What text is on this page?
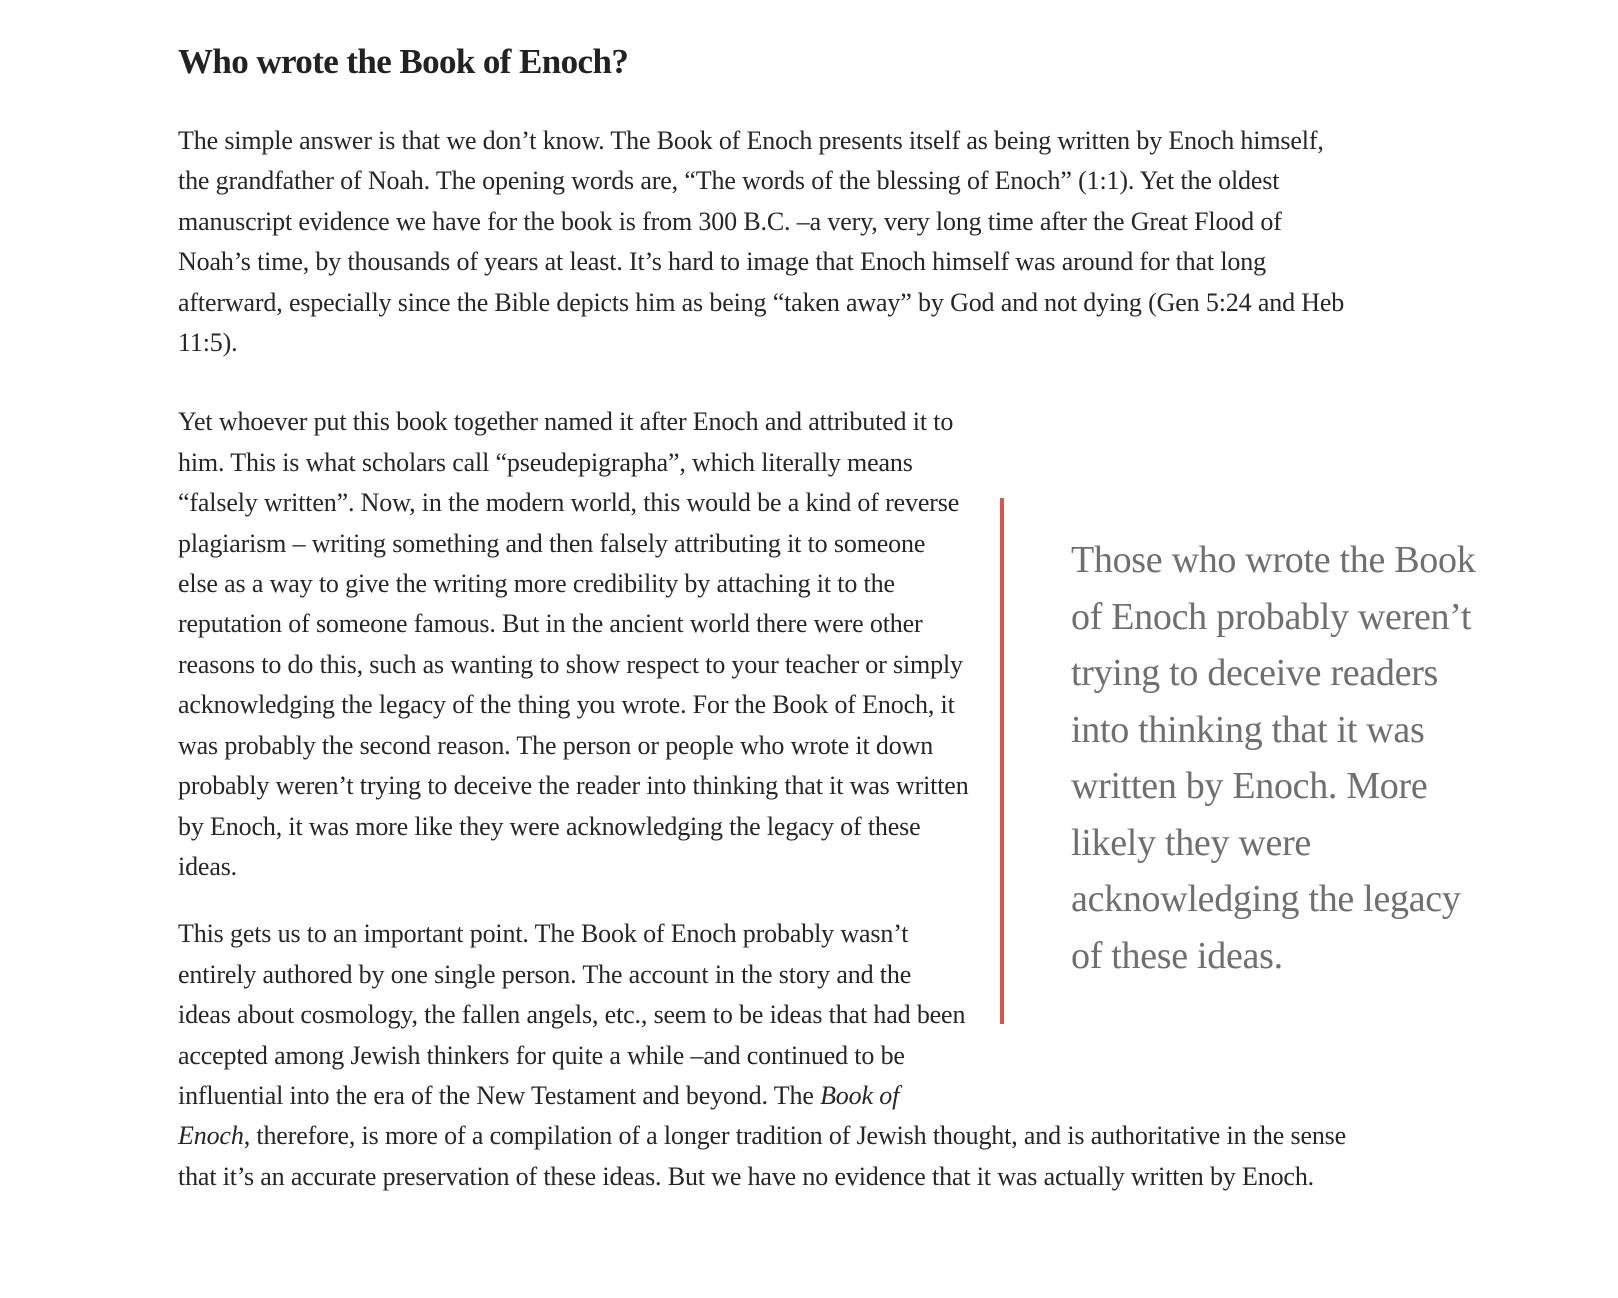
Who wrote the Book of Enoch?

The simple answer is that we don’t know. The Book of Enoch presents itself as being written by Enoch himself, the grandfather of Noah. The opening words are, “The words of the blessing of Enoch” (1:1). Yet the oldest manuscript evidence we have for the book is from 300 B.C. –a very, very long time after the Great Flood of Noah’s time, by thousands of years at least. It’s hard to image that Enoch himself was around for that long afterward, especially since the Bible depicts him as being “taken away” by God and not dying (Gen 5:24 and Heb 11:5).

Those who wrote the Book of Enoch probably weren’t trying to deceive readers into thinking that it was written by Enoch. More likely they were acknowledging the legacy of these ideas.

Yet whoever put this book together named it after Enoch and attributed it to him. This is what scholars call “pseudepigrapha”, which literally means “falsely written”. Now, in the modern world, this would be a kind of reverse plagiarism – writing something and then falsely attributing it to someone else as a way to give the writing more credibility by attaching it to the reputation of someone famous. But in the ancient world there were other reasons to do this, such as wanting to show respect to your teacher or simply acknowledging the legacy of the thing you wrote. For the Book of Enoch, it was probably the second reason. The person or people who wrote it down probably weren’t trying to deceive the reader into thinking that it was written by Enoch, it was more like they were acknowledging the legacy of these ideas.

This gets us to an important point. The Book of Enoch probably wasn’t entirely authored by one single person. The account in the story and the ideas about cosmology, the fallen angels, etc., seem to be ideas that had been accepted among Jewish thinkers for quite a while –and continued to be influential into the era of the New Testament and beyond. The Book of Enoch, therefore, is more of a compilation of a longer tradition of Jewish thought, and is authoritative in the sense that it’s an accurate preservation of these ideas. But we have no evidence that it was actually written by Enoch.
